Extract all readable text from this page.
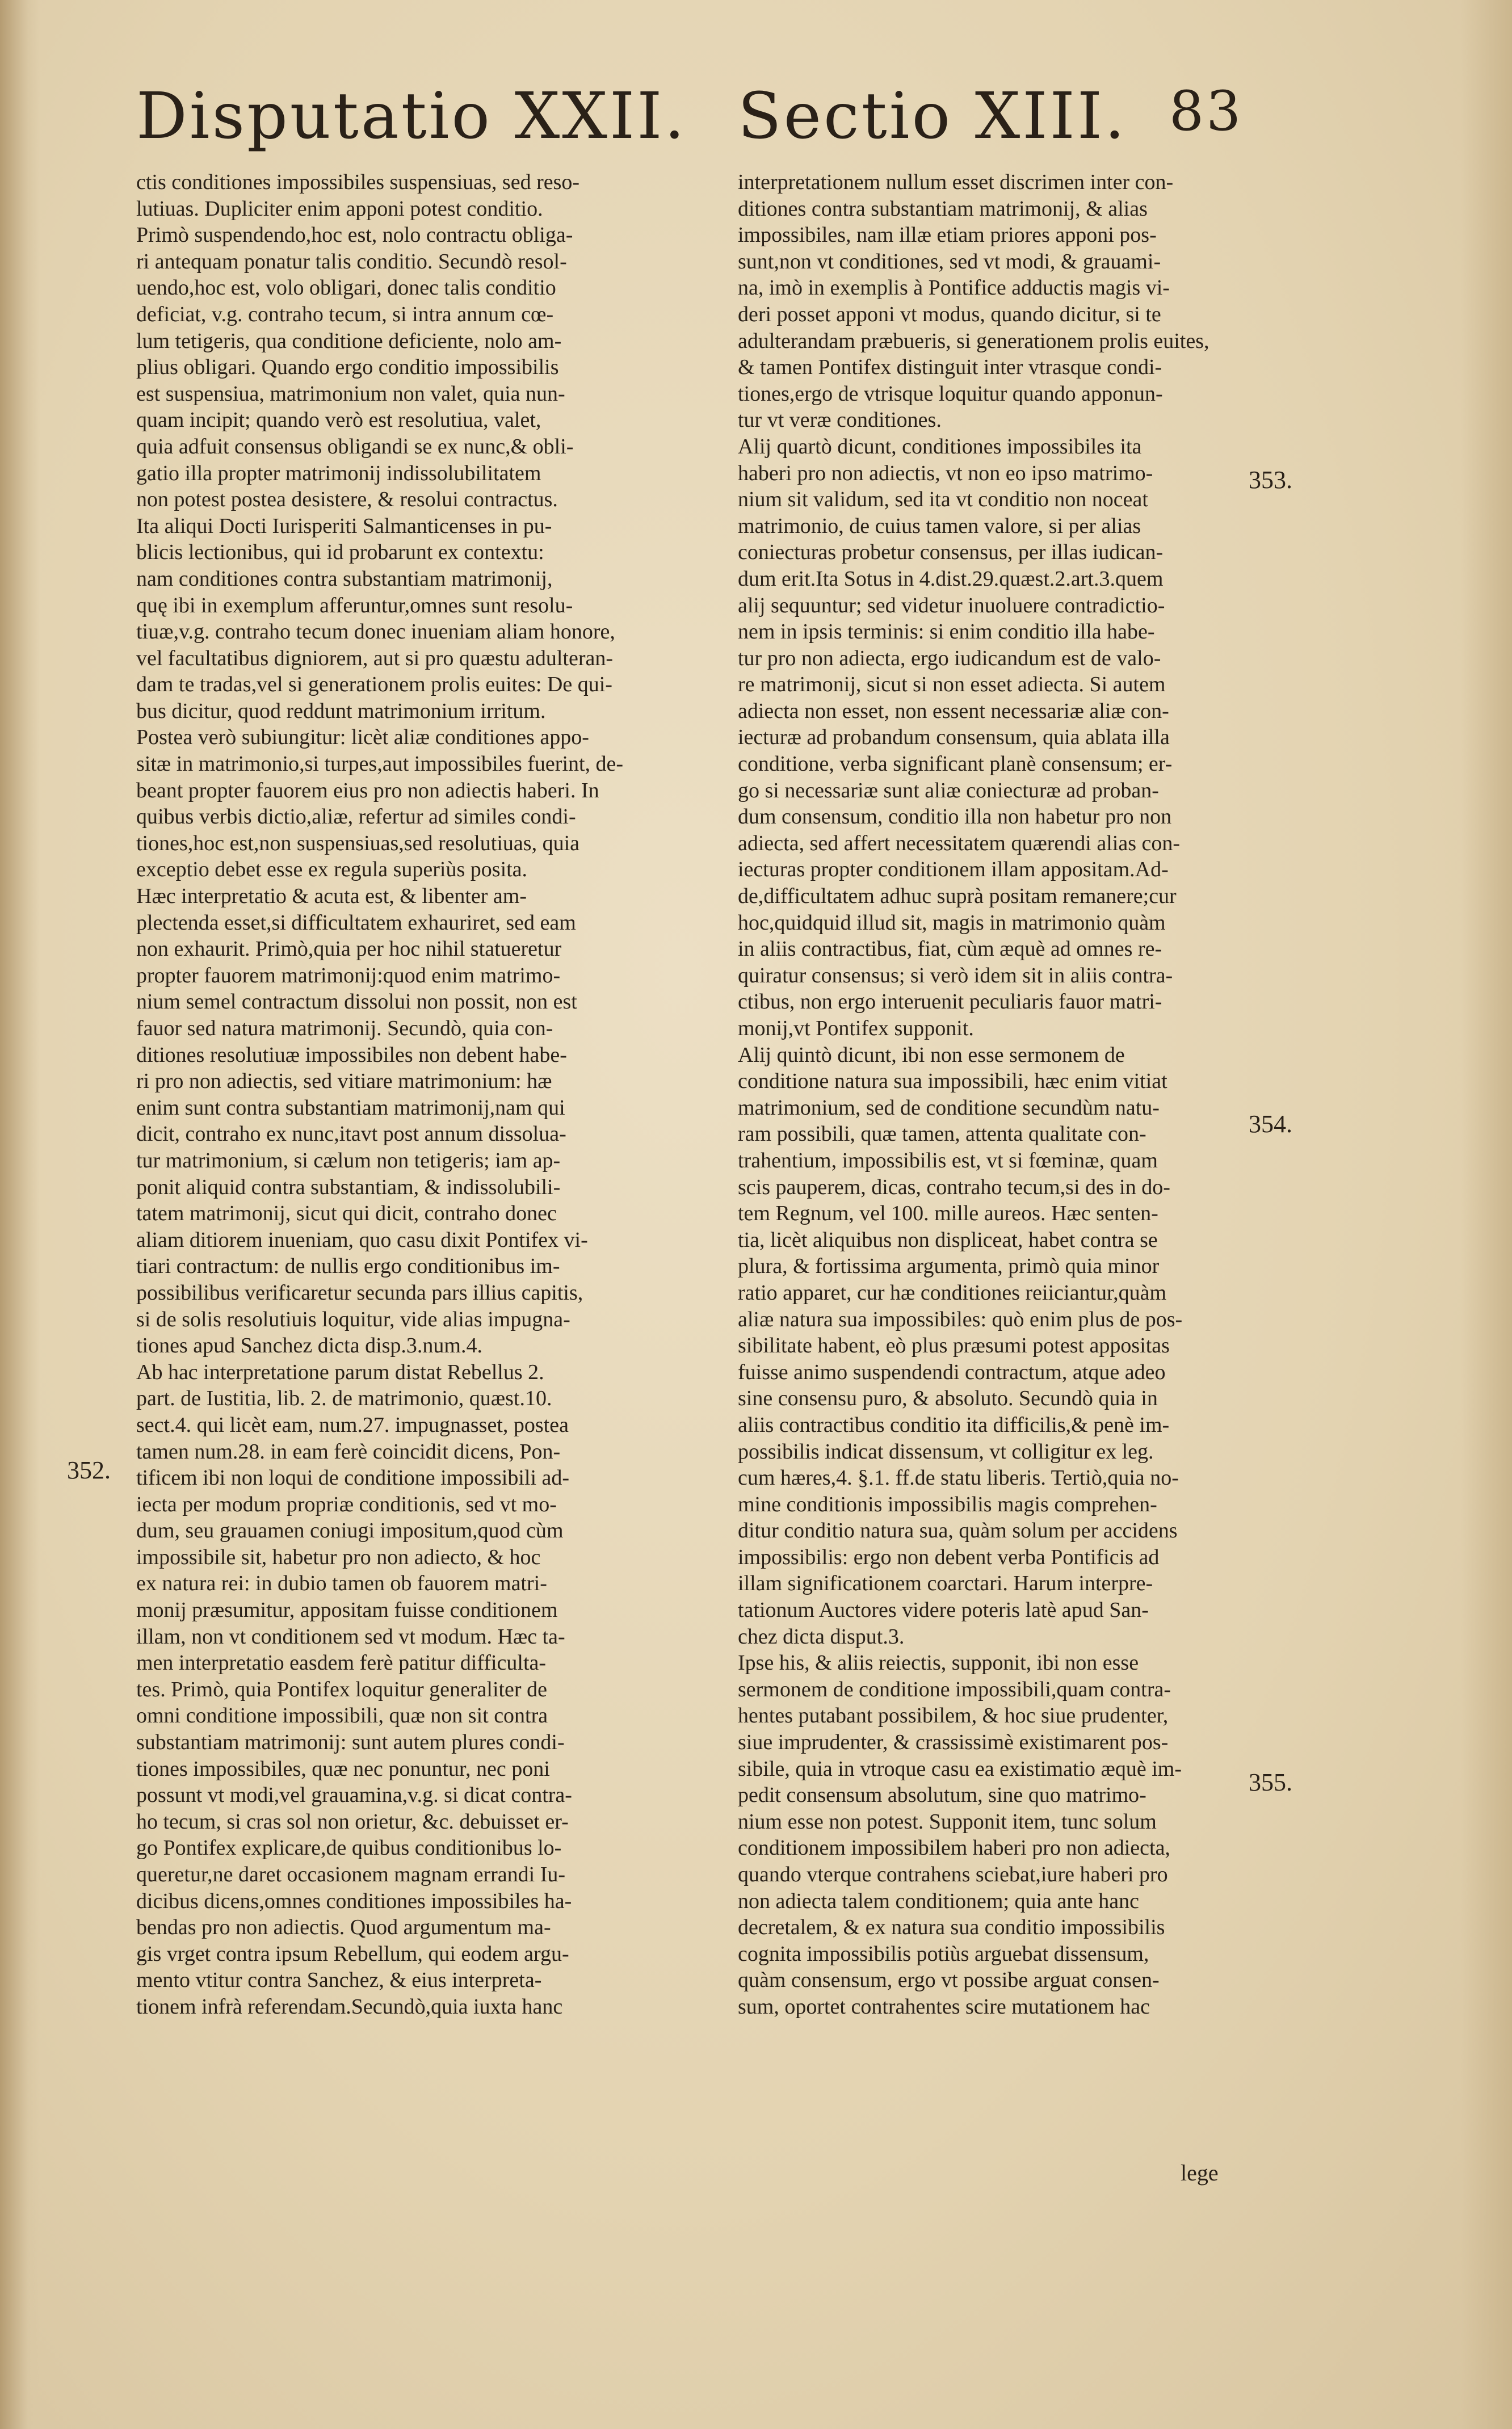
Disputatio XXII. Sectio XIII. 83
ctis conditiones impossibiles suspensiuas, sed reso-
lutiuas. Dupliciter enim apponi potest conditio.
Primò suspendendo,hoc est, nolo contractu obliga-
ri antequam ponatur talis conditio. Secundò resol-
uendo,hoc est, volo obligari, donec talis conditio
deficiat, v.g. contraho tecum, si intra annum cœ-
lum tetigeris, qua conditione deficiente, nolo am-
plius obligari. Quando ergo conditio impossibilis
est suspensiua, matrimonium non valet, quia nun-
quam incipit; quando verò est resolutiua, valet,
quia adfuit consensus obligandi se ex nunc,& obli-
gatio illa propter matrimonij indissolubilitatem
non potest postea desistere, & resolui contractus.
Ita aliqui Docti Iurisperiti Salmanticenses in pu-
blicis lectionibus, qui id probarunt ex contextu:
nam conditiones contra substantiam matrimonij,
quę ibi in exemplum afferuntur,omnes sunt resolu-
tiuæ,v.g. contraho tecum donec inueniam aliam honore,
vel facultatibus digniorem, aut si pro quæstu adulteran-
dam te tradas,vel si generationem prolis euites: De qui-
bus dicitur, quod reddunt matrimonium irritum.
Postea verò subiungitur: licèt aliæ conditiones appo-
sitæ in matrimonio,si turpes,aut impossibiles fuerint, de-
beant propter fauorem eius pro non adiectis haberi. In
quibus verbis dictio,aliæ, refertur ad similes condi-
tiones,hoc est,non suspensiuas,sed resolutiuas, quia
exceptio debet esse ex regula superiùs posita.
Hæc interpretatio & acuta est, & libenter am-
plectenda esset,si difficultatem exhauriret, sed eam
non exhaurit. Primò,quia per hoc nihil statueretur
propter fauorem matrimonij:quod enim matrimo-
nium semel contractum dissolui non possit, non est
fauor sed natura matrimonij. Secundò, quia con-
ditiones resolutiuæ impossibiles non debent habe-
ri pro non adiectis, sed vitiare matrimonium: hæ
enim sunt contra substantiam matrimonij,nam qui
dicit, contraho ex nunc,itavt post annum dissolua-
tur matrimonium, si cælum non tetigeris; iam ap-
ponit aliquid contra substantiam, & indissolubili-
tatem matrimonij, sicut qui dicit, contraho donec
aliam ditiorem inueniam, quo casu dixit Pontifex vi-
tiari contractum: de nullis ergo conditionibus im-
possibilibus verificaretur secunda pars illius capitis,
si de solis resolutiuis loquitur, vide alias impugna-
tiones apud Sanchez dicta disp.3.num.4.
Ab hac interpretatione parum distat Rebellus 2.
part. de Iustitia, lib. 2. de matrimonio, quæst.10.
sect.4. qui licèt eam, num.27. impugnasset, postea
tamen num.28. in eam ferè coincidit dicens, Pon-
tificem ibi non loqui de conditione impossibili ad-
iecta per modum propriæ conditionis, sed vt mo-
dum, seu grauamen coniugi impositum,quod cùm
impossibile sit, habetur pro non adiecto, & hoc
ex natura rei: in dubio tamen ob fauorem matri-
monij præsumitur, appositam fuisse conditionem
illam, non vt conditionem sed vt modum. Hæc ta-
men interpretatio easdem ferè patitur difficulta-
tes. Primò, quia Pontifex loquitur generaliter de
omni conditione impossibili, quæ non sit contra
substantiam matrimonij: sunt autem plures condi-
tiones impossibiles, quæ nec ponuntur, nec poni
possunt vt modi,vel grauamina,v.g. si dicat contra-
ho tecum, si cras sol non orietur, &c. debuisset er-
go Pontifex explicare,de quibus conditionibus lo-
queretur,ne daret occasionem magnam errandi Iu-
dicibus dicens,omnes conditiones impossibiles ha-
bendas pro non adiectis. Quod argumentum ma-
gis vrget contra ipsum Rebellum, qui eodem argu-
mento vtitur contra Sanchez, & eius interpreta-
tionem infrà referendam.Secundò,quia iuxta hanc
interpretationem nullum esset discrimen inter con-
ditiones contra substantiam matrimonij, & alias
impossibiles, nam illæ etiam priores apponi pos-
sunt,non vt conditiones, sed vt modi, & grauami-
na, imò in exemplis à Pontifice adductis magis vi-
deri posset apponi vt modus, quando dicitur, si te
adulterandam præbueris, si generationem prolis euites,
& tamen Pontifex distinguit inter vtrasque condi-
tiones,ergo de vtrisque loquitur quando apponun-
tur vt veræ conditiones.
Alij quartò dicunt, conditiones impossibiles ita
haberi pro non adiectis, vt non eo ipso matrimo-
nium sit validum, sed ita vt conditio non noceat
matrimonio, de cuius tamen valore, si per alias
coniecturas probetur consensus, per illas iudican-
dum erit.Ita Sotus in 4.dist.29.quæst.2.art.3.quem
alij sequuntur; sed videtur inuoluere contradictio-
nem in ipsis terminis: si enim conditio illa habe-
tur pro non adiecta, ergo iudicandum est de valo-
re matrimonij, sicut si non esset adiecta. Si autem
adiecta non esset, non essent necessariæ aliæ con-
iecturæ ad probandum consensum, quia ablata illa
conditione, verba significant planè consensum; er-
go si necessariæ sunt aliæ coniecturæ ad proban-
dum consensum, conditio illa non habetur pro non
adiecta, sed affert necessitatem quærendi alias con-
iecturas propter conditionem illam appositam.Ad-
de,difficultatem adhuc suprà positam remanere;cur
hoc,quidquid illud sit, magis in matrimonio quàm
in aliis contractibus, fiat, cùm æquè ad omnes re-
quiratur consensus; si verò idem sit in aliis contra-
ctibus, non ergo interuenit peculiaris fauor matri-
monij,vt Pontifex supponit.
Alij quintò dicunt, ibi non esse sermonem de
conditione natura sua impossibili, hæc enim vitiat
matrimonium, sed de conditione secundùm natu-
ram possibili, quæ tamen, attenta qualitate con-
trahentium, impossibilis est, vt si fœminæ, quam
scis pauperem, dicas, contraho tecum,si des in do-
tem Regnum, vel 100. mille aureos. Hæc senten-
tia, licèt aliquibus non displiceat, habet contra se
plura, & fortissima argumenta, primò quia minor
ratio apparet, cur hæ conditiones reiiciantur,quàm
aliæ natura sua impossibiles: quò enim plus de pos-
sibilitate habent, eò plus præsumi potest appositas
fuisse animo suspendendi contractum, atque adeo
sine consensu puro, & absoluto. Secundò quia in
aliis contractibus conditio ita difficilis,& penè im-
possibilis indicat dissensum, vt colligitur ex leg.
cum hæres,4. §.1. ff.de statu liberis. Tertiò,quia no-
mine conditionis impossibilis magis comprehen-
ditur conditio natura sua, quàm solum per accidens
impossibilis: ergo non debent verba Pontificis ad
illam significationem coarctari. Harum interpre-
tationum Auctores videre poteris latè apud San-
chez dicta disput.3.
Ipse his, & aliis reiectis, supponit, ibi non esse
sermonem de conditione impossibili,quam contra-
hentes putabant possibilem, & hoc siue prudenter,
siue imprudenter, & crassissimè existimarent pos-
sibile, quia in vtroque casu ea existimatio æquè im-
pedit consensum absolutum, sine quo matrimo-
nium esse non potest. Supponit item, tunc solum
conditionem impossibilem haberi pro non adiecta,
quando vterque contrahens sciebat,iure haberi pro
non adiecta talem conditionem; quia ante hanc
decretalem, & ex natura sua conditio impossibilis
cognita impossibilis potiùs arguebat dissensum,
quàm consensum, ergo vt possibe arguat consen-
sum, oportet contrahentes scire mutationem hac
352.
353.
354.
355.
lege
